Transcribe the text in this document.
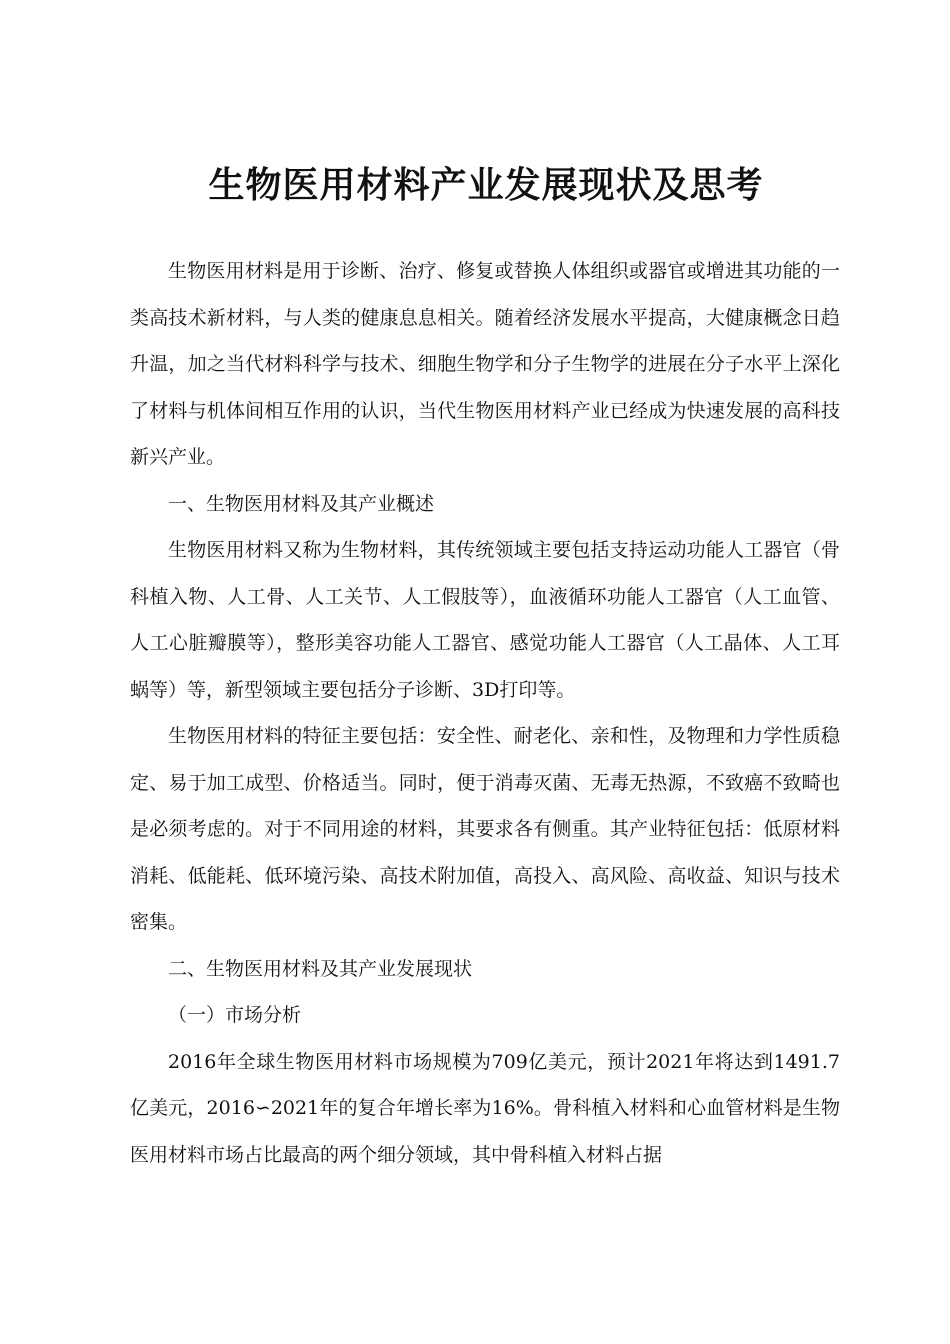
生物医用材料产业发展现状及思考

生物医用材料是用于诊断、治疗、修复或替换人体组织或器官或增进其功能的一类高技术新材料，与人类的健康息息相关。随着经济发展水平提高，大健康概念日趋升温，加之当代材料科学与技术、细胞生物学和分子生物学的进展在分子水平上深化了材料与机体间相互作用的认识，当代生物医用材料产业已经成为快速发展的高科技新兴产业。

一、生物医用材料及其产业概述

生物医用材料又称为生物材料，其传统领域主要包括支持运动功能人工器官（骨科植入物、人工骨、人工关节、人工假肢等），血液循环功能人工器官（人工血管、人工心脏瓣膜等），整形美容功能人工器官、感觉功能人工器官（人工晶体、人工耳蜗等）等，新型领域主要包括分子诊断、3D打印等。

生物医用材料的特征主要包括：安全性、耐老化、亲和性，及物理和力学性质稳定、易于加工成型、价格适当。同时，便于消毒灭菌、无毒无热源，不致癌不致畸也是必须考虑的。对于不同用途的材料，其要求各有侧重。其产业特征包括：低原材料消耗、低能耗、低环境污染、高技术附加值，高投入、高风险、高收益、知识与技术密集。

二、生物医用材料及其产业发展现状

（一）市场分析

2016年全球生物医用材料市场规模为709亿美元，预计2021年将达到1491.7亿美元，2016∽2021年的复合年增长率为16%。骨科植入材料和心血管材料是生物医用材料市场占比最高的两个细分领域，其中骨科植入材料占据
